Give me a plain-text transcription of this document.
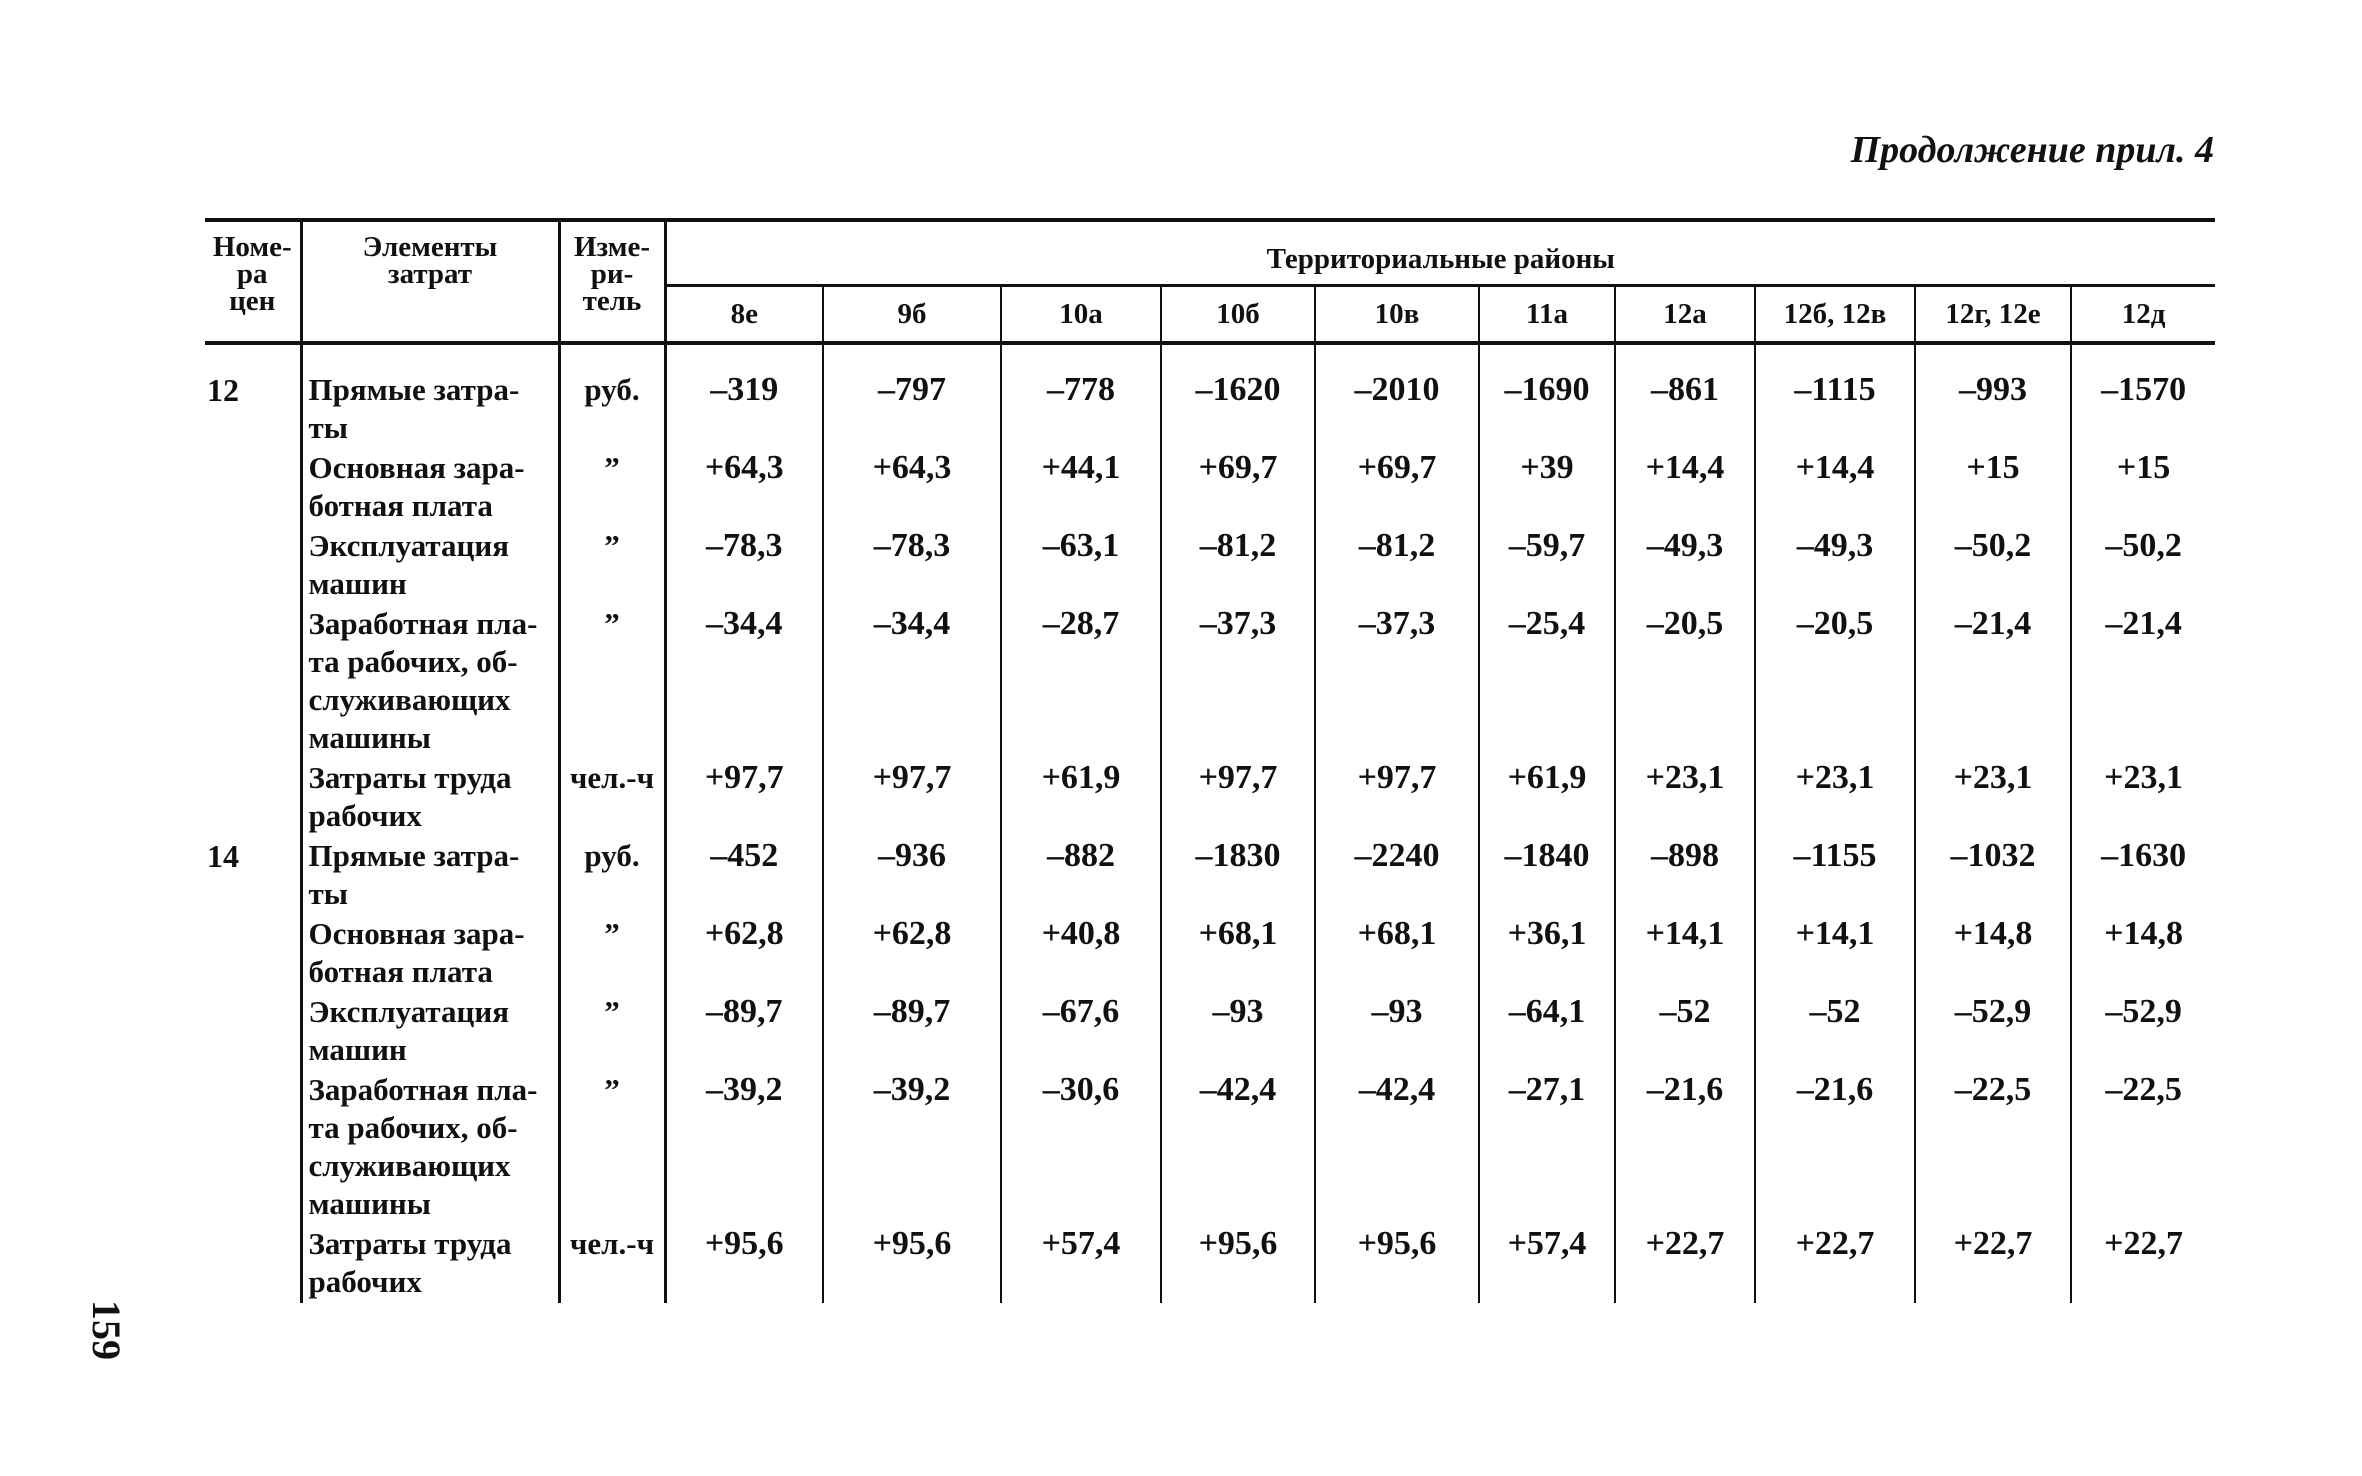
Продолжение прил. 4
159
Номе-
ра
цен	Элементы
затрат	Изме-
ри-
тель	Территориальные районы									
			8е	9б	10а	10б	10в	11а	12а	12б, 12в	12г, 12е	12д

12	Прямые затра-
ты	руб.	–319	–797	–778	–1620	–2010	–1690	–861	–1115	–993	–1570
	Основная зара-
ботная плата	”	+64,3	+64,3	+44,1	+69,7	+69,7	+39	+14,4	+14,4	+15	+15
	Эксплуатация
машин	”	–78,3	–78,3	–63,1	–81,2	–81,2	–59,7	–49,3	–49,3	–50,2	–50,2
	Заработная пла-
та рабочих, об-
служивающих
машины	”	–34,4	–34,4	–28,7	–37,3	–37,3	–25,4	–20,5	–20,5	–21,4	–21,4
	Затраты труда
рабочих	чел.-ч	+97,7	+97,7	+61,9	+97,7	+97,7	+61,9	+23,1	+23,1	+23,1	+23,1
14	Прямые затра-
ты	руб.	–452	–936	–882	–1830	–2240	–1840	–898	–1155	–1032	–1630
	Основная зара-
ботная плата	”	+62,8	+62,8	+40,8	+68,1	+68,1	+36,1	+14,1	+14,1	+14,8	+14,8
	Эксплуатация
машин	”	–89,7	–89,7	–67,6	–93	–93	–64,1	–52	–52	–52,9	–52,9
	Заработная пла-
та рабочих, об-
служивающих
машины	”	–39,2	–39,2	–30,6	–42,4	–42,4	–27,1	–21,6	–21,6	–22,5	–22,5
	Затраты труда
рабочих	чел.-ч	+95,6	+95,6	+57,4	+95,6	+95,6	+57,4	+22,7	+22,7	+22,7	+22,7
